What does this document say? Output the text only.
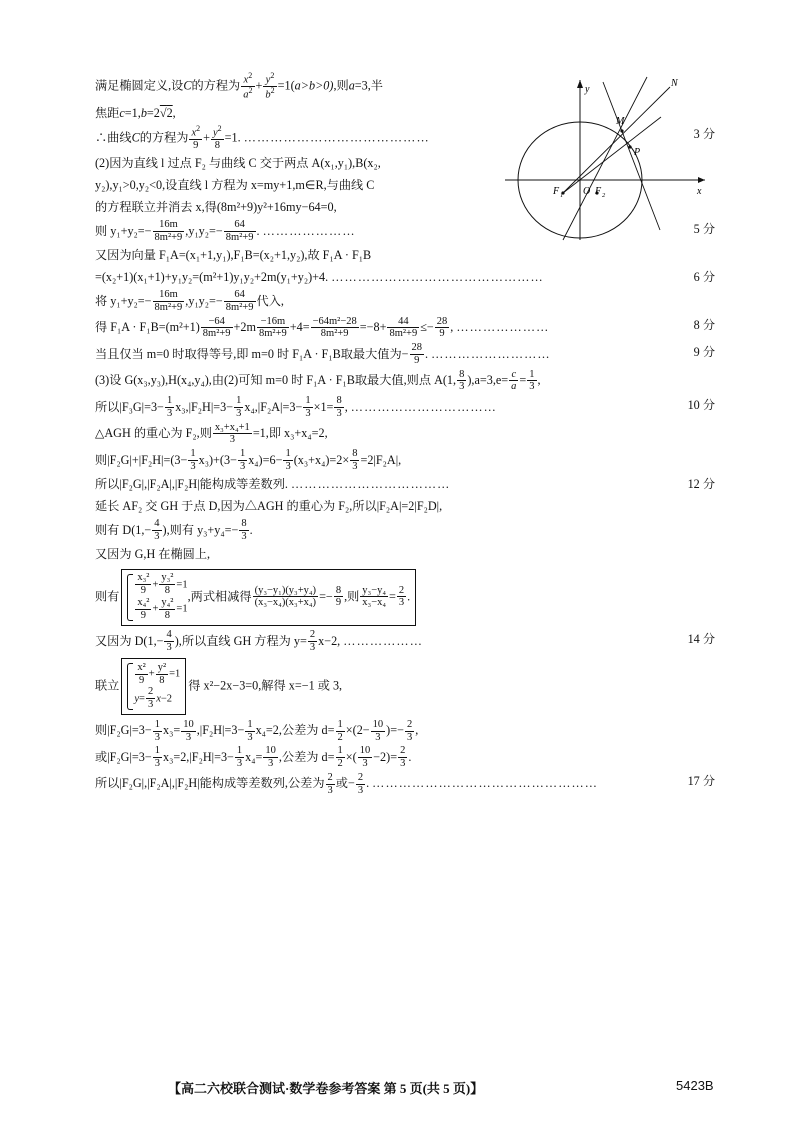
y
x
O
F 1	F 2
M
P
N
满足椭圆定义,设C的方程为 $\frac{x^2}{a^2} + \frac{y^2}{b^2} =1(a>b>0)$,则a=3,半
焦距c=1,b=2√2,
∴曲线C的方程为 $\frac{x^2}{9} + \frac{y^2}{8} =1$. ……………………………………	3 分
(2)因为直线 l 过点 F₂ 与曲线 C 交于两点 A(x₁,y₁),B(x₂,
y₂),y₁>0,y₂<0,设直线 l 方程为 x=my+1,m∈R,与曲线 C
的方程联立并消去 x,得(8m²+9)y²+16my−64=0,
则 $y_1+y_2=- \frac{16m}{\text{8m²+9}} ,y_1y_2=- \frac{64}{\text{8m²+9}}$ . …………………	5 分
又因为向量 F₁A=(x₁+1,y₁),F₁B=(x₂+1,y₂),故 F₁A · F₁B
=(x₂+1)(x₁+1)+y₁y₂=(m²+1)y₁y₂+2m(y₁+y₂)+4. …………………………………………	6 分
将 $y_1+y_2=- \frac{16m}{\text{8m²+9}} ,y_1y_2=- \frac{64}{\text{8m²+9}}$ 代入,
得 $F_1A \cdot F_1B=(m^2+1) \frac{-64}{\text{8m²+9}} +2m \frac{-16m}{\text{8m²+9}} +4= \frac{\text{−64m²−28}}{\text{8m²+9}} =-8+ \frac{44}{\text{8m²+9}} \le- \frac{28}{9}$ , …………………	8 分
当且仅当 m=0 时取得等号,即 m=0 时 F₁A · F₁B取最大值为− $\frac{28}{9}$ . ………………………	9 分
(3)设 G(x₃,y₃),H(x₄,y₄),由(2)可知 m=0 时 F₁A · F₁B取最大值,则点 A(1, $\frac{8}{3} ),a=3,e= \frac{c}{a} = \frac{1}{3}$ ,
所以$|F_3G|=3- \frac{1}{3} x_3,|F_2H|=3- \frac{1}{3} x_4,|F_2A|=3- \frac{1}{3} \times 1= \frac{8}{3}$ , ……………………………	10 分
△AGH 的重心为 F₂,则 $\frac{\text{x₃+x₄+1}}{3} =1$,即 x₃+x₄=2,
则$|F_2G|+|F_2H|=(3- \frac{1}{3} x_3)+(3- \frac{1}{3} x_4)=6- \frac{1}{3} (x_3+x_4)=2\times \frac{8}{3} =2|F_2A|$,
所以|F₂G|,|F₂A|,|F₂H|能构成等差数列. ………………………………	12 分
延长 AF₂ 交 GH 于点 D,因为△AGH 的重心为 F₂,所以|F₂A|=2|F₂D|,
则有 $D(1,- \frac{4}{3}$ ),则有 $y_3+y_4=- \frac{8}{3}$ .
又因为 G,H 在椭圆上,
则有 $\frac{\text{x₃²}}{9} + \frac{\text{y₃²}}{8} =1$
$\frac{\text{x₄²}}{9} + \frac{\text{y₄²}}{8} =1$
,两式相减得 $\frac{\text{(y₃−y₁)(y₃+y₄)}}{\text{(x₃−x₄)(x₃+x₄)}} =- \frac{8}{9}$ ,则 $\frac{\text{y₃−y₄}}{\text{x₃−x₄}} = \frac{2}{3}$ .
又因为 $D(1,- \frac{4}{3}$ ),所以直线 GH 方程为 $y= \frac{2}{3} x-2$, ………………	14 分
联立 $\frac{\text{x²}}{9} + \frac{\text{y²}}{8} =1$
$y= \frac{2}{3} x-2$
得 x²−2x−3=0,解得 x=−1 或 3,
则$|F_2G|=3- \frac{1}{3} x_3= \frac{10}{3} ,|F_2H|=3- \frac{1}{3} x_4=2$,公差为 $d= \frac{1}{2} \times(2- \frac{10}{3}$ )=− $\frac{2}{3}$ ,
或$|F_2G|=3- \frac{1}{3} x_3=2,|F_2H|=3- \frac{1}{3} x_4= \frac{10}{3}$ ,公差为 $d= \frac{1}{2}$ ×( $\frac{10}{3} -2)= \frac{2}{3}$ .
所以|F₂G|,|F₂A|,|F₂H|能构成等差数列,公差为 $\frac{2}{3}$ 或− $\frac{2}{3}$ . ……………………………………………	17 分
【高二六校联合测试·数学卷参考答案 第 5 页(共 5 页)】	5423B
